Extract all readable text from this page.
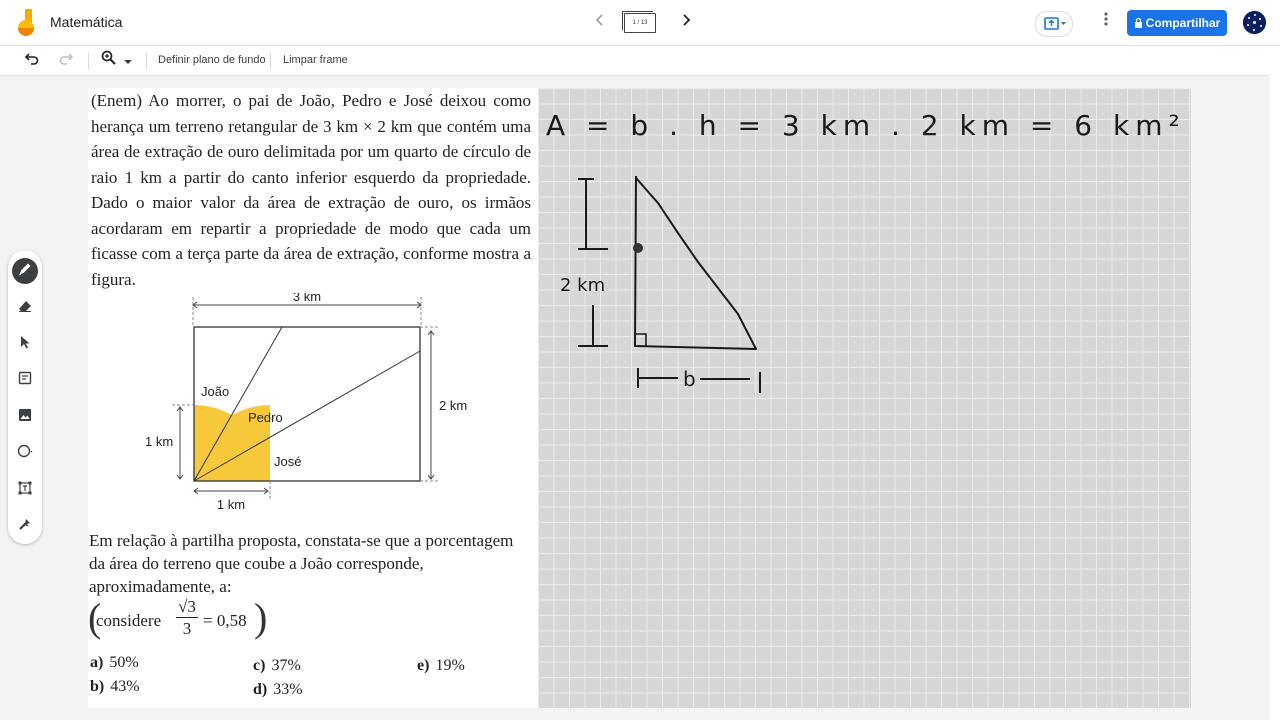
Matemática	1 / 13	Compartilhar
Definir plano de fundo Limpar frame
(Enem) Ao morrer, o pai de João, Pedro e José deixou como herança um terreno retangular de 3 km × 2 km que contém uma área de extração de ouro delimitada por um quarto de círculo de raio 1 km a partir do canto inferior esquerdo da propriedade. Dado o maior valor da área de extração de ouro, os irmãos acordaram em repartir a propriedade de modo que cada um ficasse com a terça parte da área de extração, conforme mostra a figura.
3 km
2 km
1 km
1 km
João
Pedro
José
Em relação à partilha proposta, constata-se que a porcentagem da área do terreno que coube a João corresponde, aproximadamente, a:
(
considere
√3
3 = 0,58 )
a) 50%
b) 43%
c) 37%
d) 33%
e) 19%
A = b . h = 3 km . 2 km = 6 km²
2 km
b
